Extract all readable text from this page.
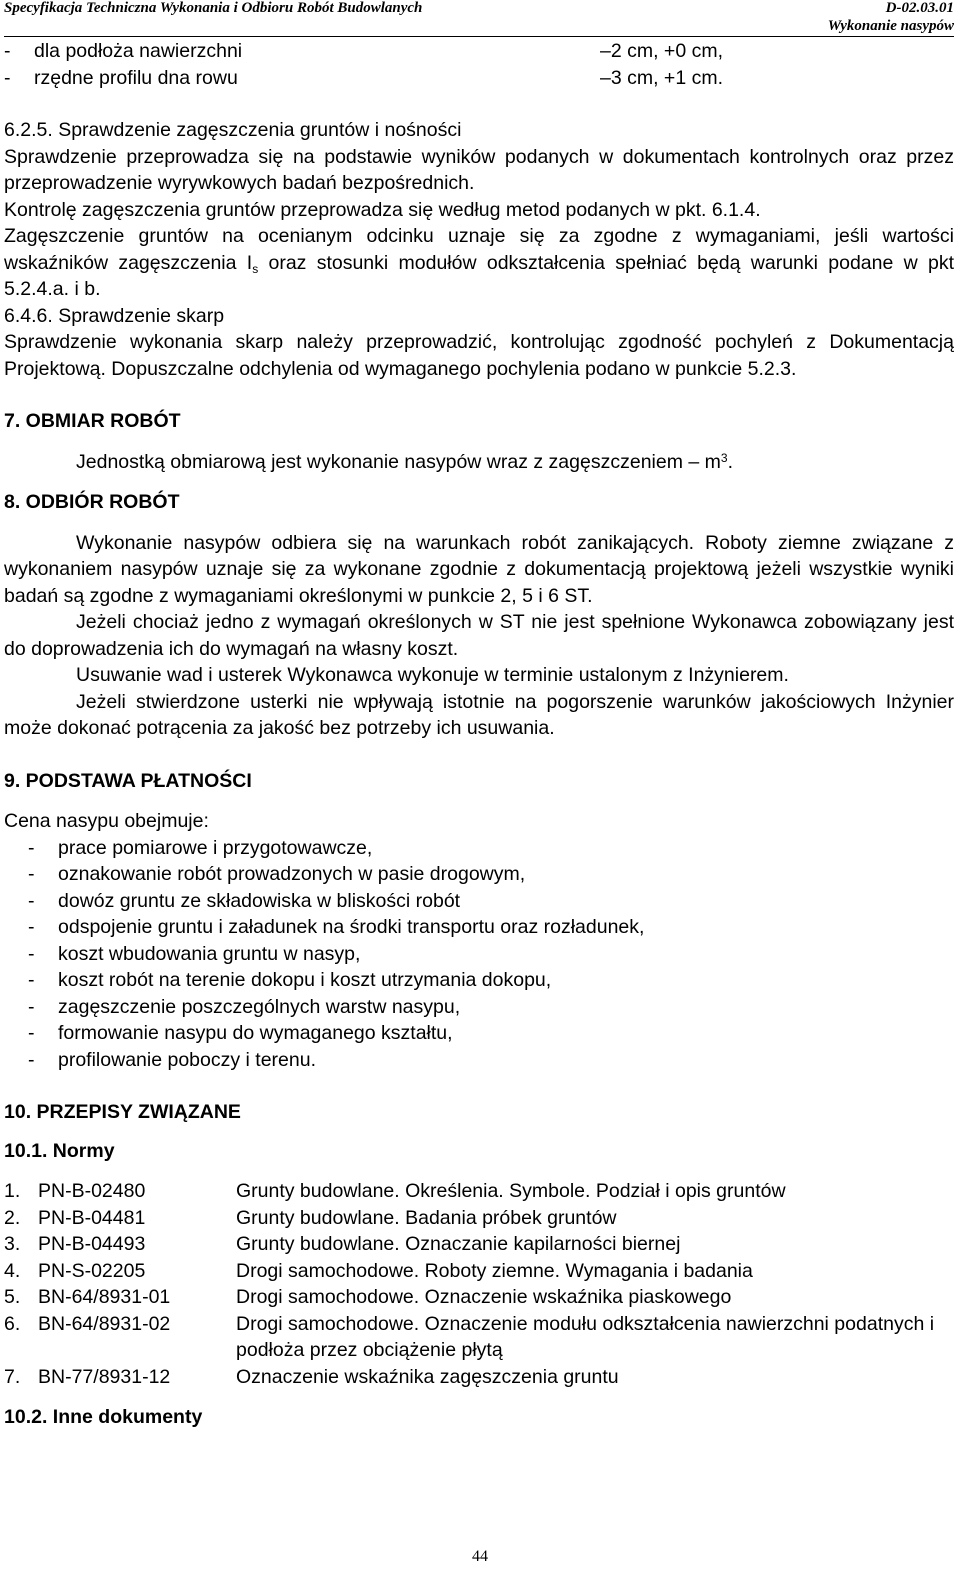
Specyfikacja Techniczna Wykonania i Odbioru Robót Budowlanych	D-02.03.01
Wykonanie nasypów
-	dla podłoża nawierzchni	–2 cm, +0 cm,
-	rzędne profilu dna rowu	–3 cm, +1 cm.

6.2.5. Sprawdzenie zagęszczenia gruntów i nośności

Sprawdzenie przeprowadza się na podstawie wyników podanych w dokumentach kontrolnych oraz przez przeprowadzenie wyrywkowych badań bezpośrednich.

Kontrolę zagęszczenia gruntów przeprowadza się według metod podanych w pkt. 6.1.4.

Zagęszczenie gruntów na ocenianym odcinku uznaje się za zgodne z wymaganiami, jeśli wartości wskaźników zagęszczenia $I_s$ oraz stosunki modułów odkształcenia spełniać będą warunki podane w pkt 5.2.4.a. i b.

6.4.6. Sprawdzenie skarp

Sprawdzenie wykonania skarp należy przeprowadzić, kontrolując zgodność pochyleń z Dokumentacją Projektową. Dopuszczalne odchylenia od wymaganego pochylenia podano w punkcie 5.2.3.

7. OBMIAR ROBÓT

Jednostką obmiarową jest wykonanie nasypów wraz z zagęszczeniem – $m^3$.

8. ODBIÓR ROBÓT

Wykonanie nasypów odbiera się na warunkach robót zanikających. Roboty ziemne związane z wykonaniem nasypów uznaje się za wykonane zgodnie z dokumentacją projektową jeżeli wszystkie wyniki badań są zgodne z wymaganiami określonymi w punkcie 2, 5 i 6 ST.

Jeżeli chociaż jedno z wymagań określonych w ST nie jest spełnione Wykonawca zobowiązany jest do doprowadzenia ich do wymagań na własny koszt.

Usuwanie wad i usterek Wykonawca wykonuje w terminie ustalonym z Inżynierem.

Jeżeli stwierdzone usterki nie wpływają istotnie na pogorszenie warunków jakościowych Inżynier może dokonać potrącenia za jakość bez potrzeby ich usuwania.

9. PODSTAWA PŁATNOŚCI

Cena nasypu obejmuje:

-	prace pomiarowe i przygotowawcze,
-	oznakowanie robót prowadzonych w pasie drogowym,
-	dowóz gruntu ze składowiska w bliskości robót
-	odspojenie gruntu i załadunek na środki transportu oraz rozładunek,
-	koszt wbudowania gruntu w nasyp,
-	koszt robót na terenie dokopu i koszt utrzymania dokopu,
-	zagęszczenie poszczególnych warstw nasypu,
-	formowanie nasypu do wymaganego kształtu,
-	profilowanie poboczy i terenu.

10. PRZEPISY ZWIĄZANE

10.1. Normy

1. PN-B-02480	Grunty budowlane. Określenia. Symbole. Podział i opis gruntów
2. PN-B-04481	Grunty budowlane. Badania próbek gruntów
3. PN-B-04493	Grunty budowlane. Oznaczanie kapilarności biernej
4. PN-S-02205	Drogi samochodowe. Roboty ziemne. Wymagania i badania
5. BN-64/8931-01	Drogi samochodowe. Oznaczenie wskaźnika piaskowego
6. BN-64/8931-02	Drogi samochodowe. Oznaczenie modułu odkształcenia nawierzchni podatnych i podłoża przez obciążenie płytą
7. BN-77/8931-12	Oznaczenie wskaźnika zagęszczenia gruntu

10.2. Inne dokumenty

44
